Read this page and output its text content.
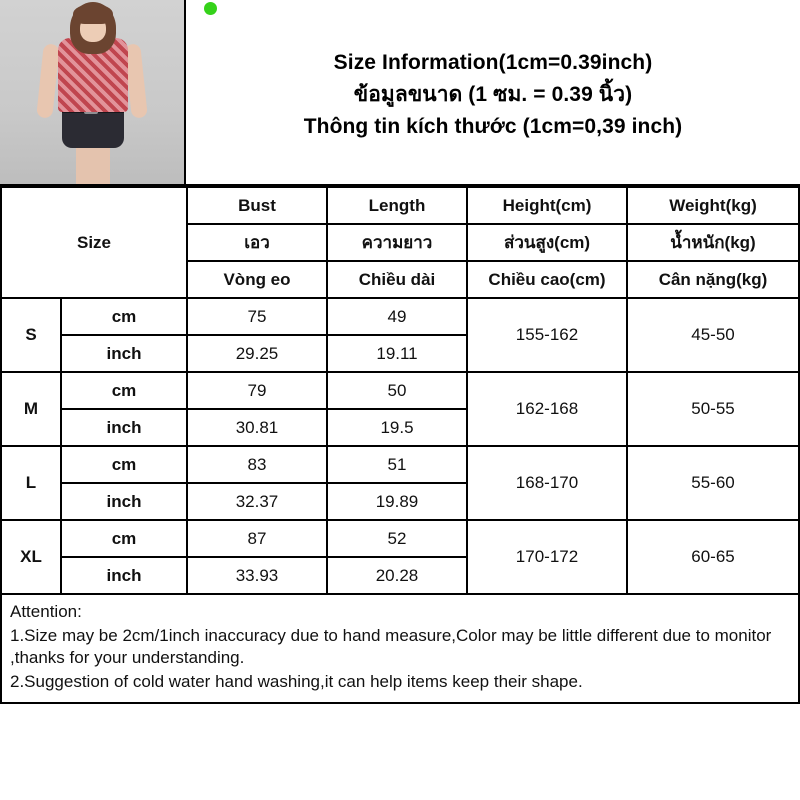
Size Information(1cm=0.39inch)
ข้อมูลขนาด (1 ซม. = 0.39 นิ้ว)
Thông tin kích thước (1cm=0,39 inch)
Size		Bust	Length	Height(cm)	Weight(kg)
		เอว	ความยาว	ส่วนสูง(cm)	น้ำหนัก(kg)
		Vòng eo	Chiều dài	Chiều cao(cm)	Cân nặng(kg)
S	cm	75	49	155-162	45-50
	inch	29.25	19.11		
M	cm	79	50	162-168	50-55
	inch	30.81	19.5		
L	cm	83	51	168-170	55-60
	inch	32.37	19.89		
XL	cm	87	52	170-172	60-65
	inch	33.93	20.28		
Attention:
1.Size may be 2cm/1inch inaccuracy due to hand measure,Color may be little different due to monitor ,thanks for your understanding.
2.Suggestion of cold water hand washing,it can help items keep their shape.
